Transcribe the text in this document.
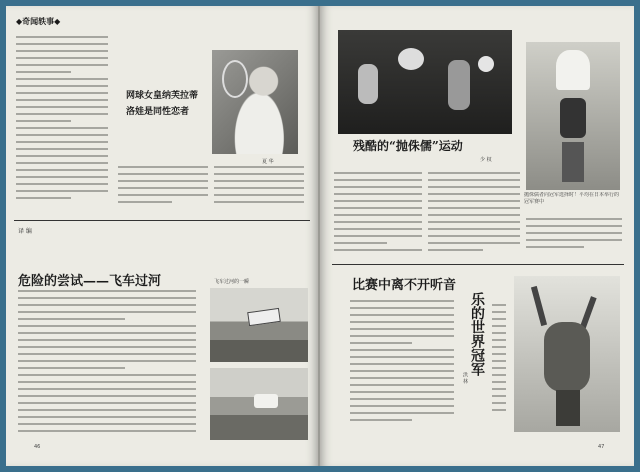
◆奇闻轶事◆
网球女皇纳芙拉蒂洛娃是同性恋者
夏 华
译 编
危险的尝试——飞车过河	飞车过河的一瞬
46
残酷的“抛侏儒”运动
少 权
抛侏儒者向冠军选择时！平均在日本举行的冠军赛中
比赛中离不开听音
乐的世界冠军
洪 林
47
